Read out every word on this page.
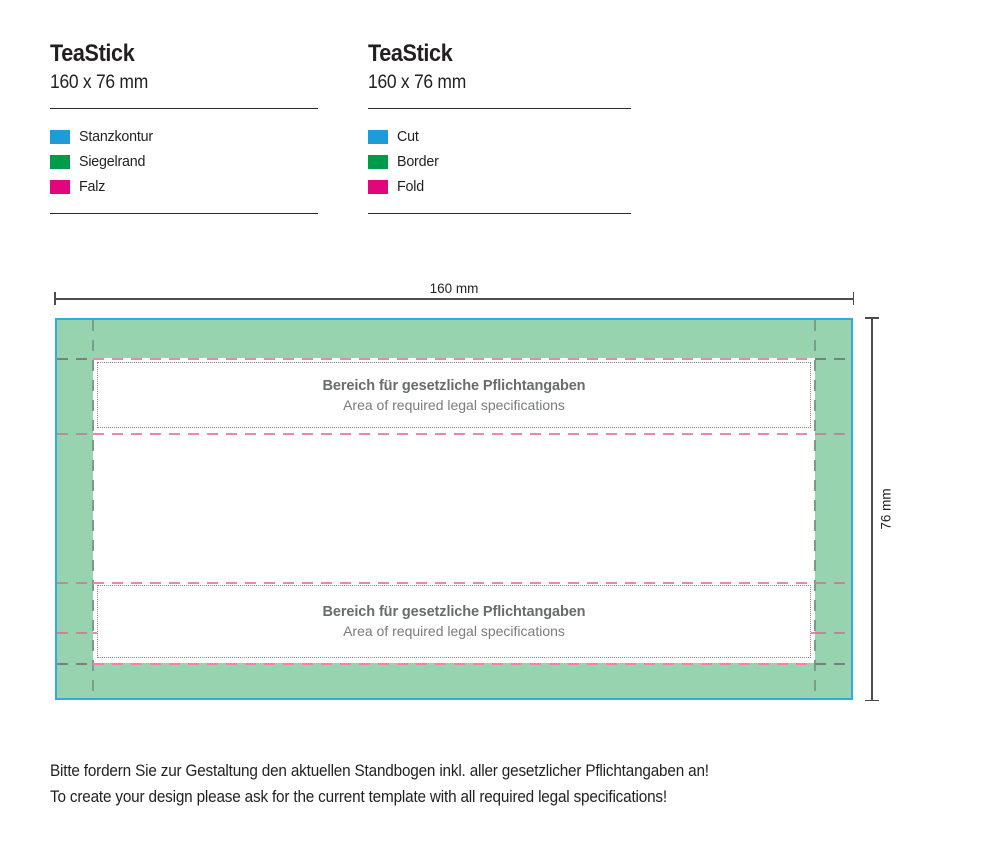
TeaStick
160 x 76 mm
Stanzkontur
Siegelrand
Falz
TeaStick
160 x 76 mm
Cut
Border
Fold
160 mm
76 mm
Bereich für gesetzliche Pflichtangaben
Area of required legal specifications
Bereich für gesetzliche Pflichtangaben
Area of required legal specifications
Bitte fordern Sie zur Gestaltung den aktuellen Standbogen inkl. aller gesetzlicher Pflichtangaben an!
To create your design please ask for the current template with all required legal specifications!
